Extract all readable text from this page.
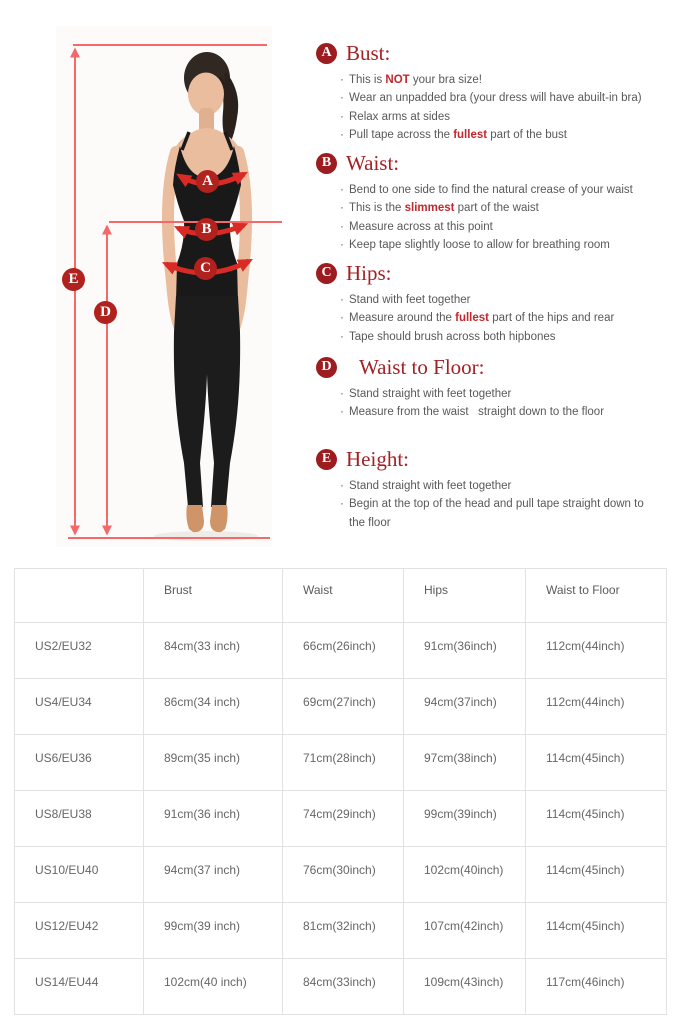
A
B
C
D
E
A Bust:
· This is NOT your bra size!
· Wear an unpadded bra (your dress will have abuilt-in bra)
· Relax arms at sides
· Pull tape across the fullest part of the bust
B Waist:
· Bend to one side to find the natural crease of your waist
· This is the slimmest part of the waist
· Measure across at this point
· Keep tape slightly loose to allow for breathing room
C Hips:
· Stand with feet together
· Measure around the fullest part of the hips and rear
· Tape should brush across both hipbones
D Waist to Floor:
· Stand straight with feet together
· Measure from the waist   straight down to the floor
E Height:
· Stand straight with feet together
· Begin at the top of the head and pull tape straight down to the floor
	Brust	Waist	Hips	Waist to Floor
US2/EU32	84cm(33 inch)	66cm(26inch)	91cm(36inch)	112cm(44inch)
US4/EU34	86cm(34 inch)	69cm(27inch)	94cm(37inch)	112cm(44inch)
US6/EU36	89cm(35 inch)	71cm(28inch)	97cm(38inch)	114cm(45inch)
US8/EU38	91cm(36 inch)	74cm(29inch)	99cm(39inch)	114cm(45inch)
US10/EU40	94cm(37 inch)	76cm(30inch)	102cm(40inch)	114cm(45inch)
US12/EU42	99cm(39 inch)	81cm(32inch)	107cm(42inch)	114cm(45inch)
US14/EU44	102cm(40 inch)	84cm(33inch)	109cm(43inch)	117cm(46inch)
